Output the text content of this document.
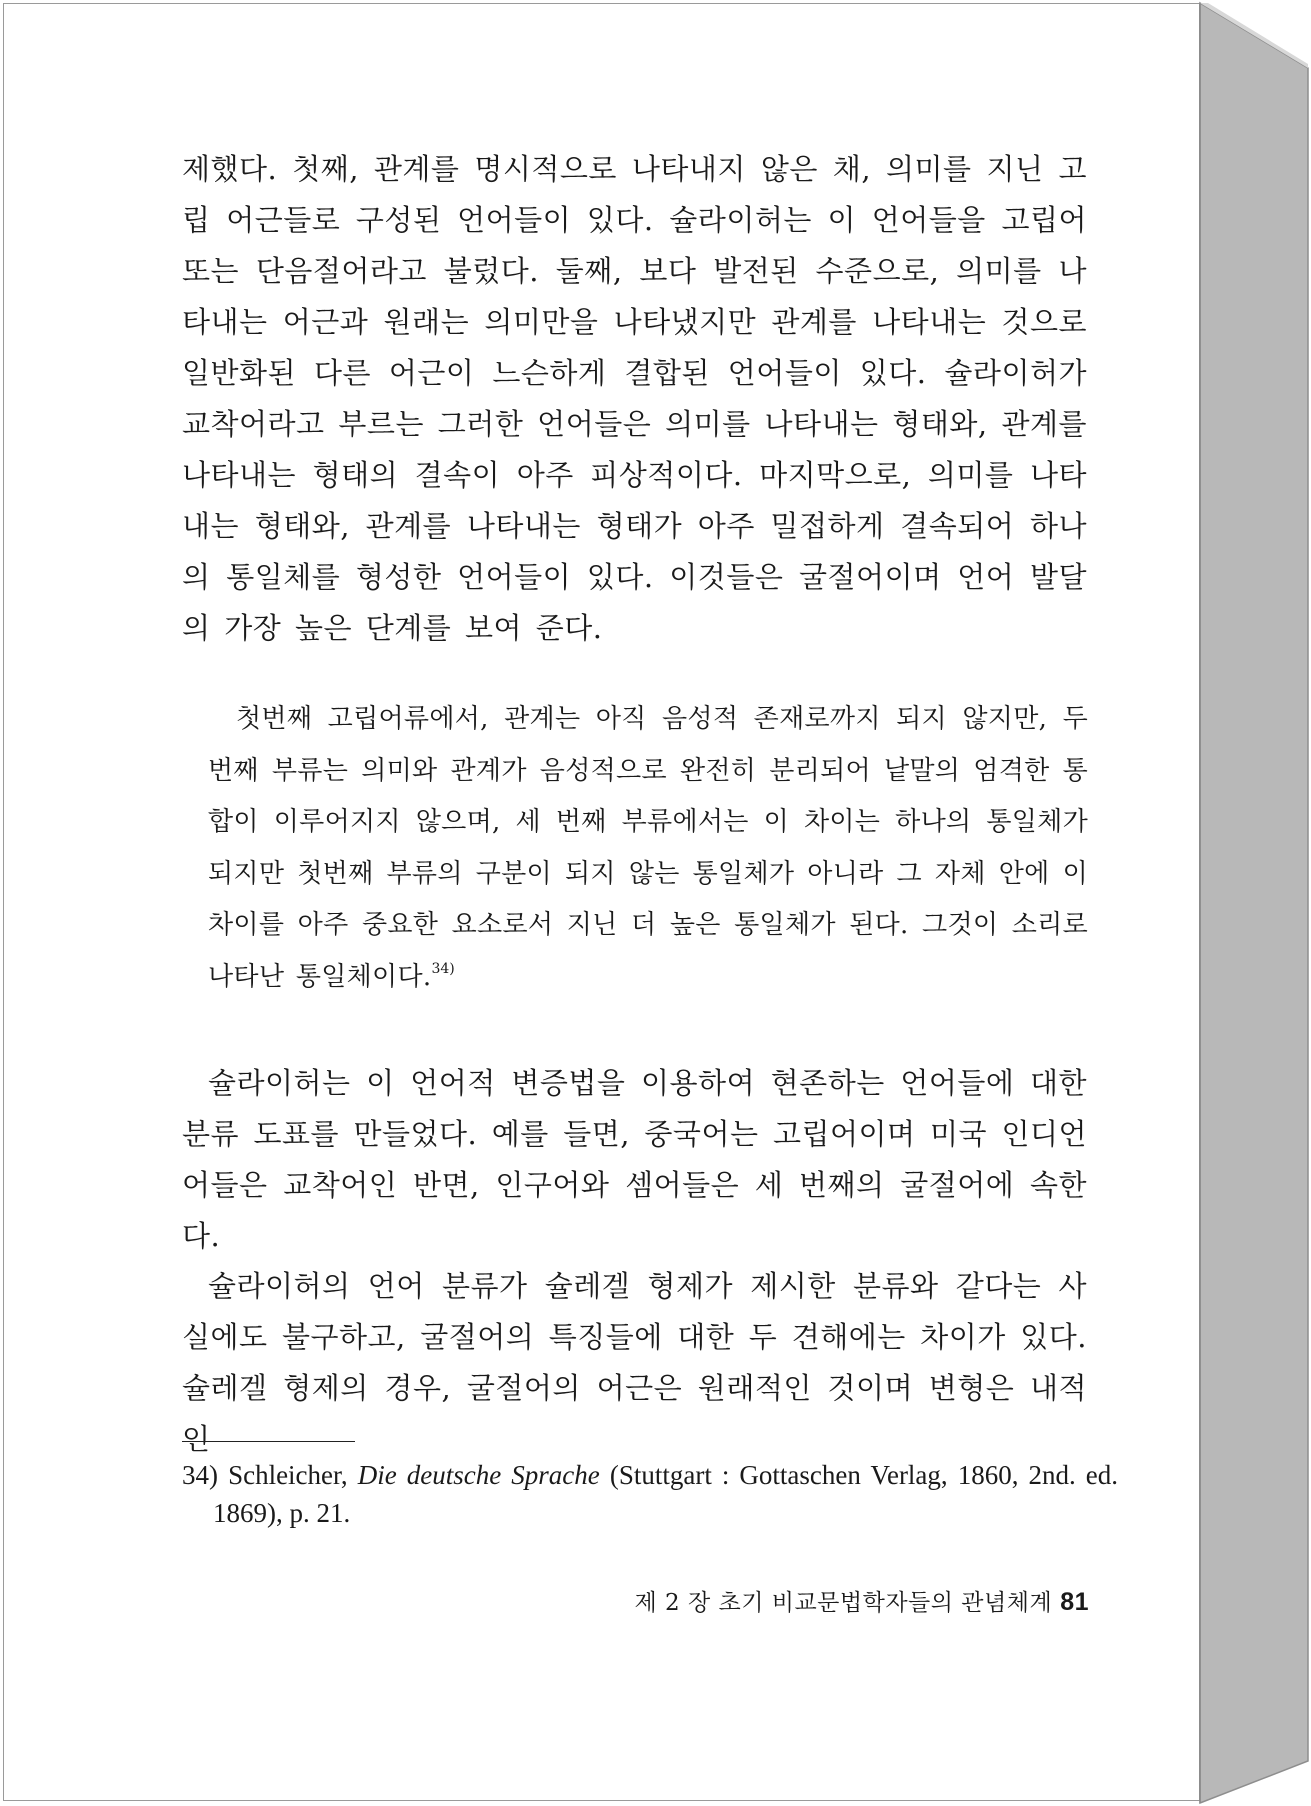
제했다. 첫째, 관계를 명시적으로 나타내지 않은 채, 의미를 지닌 고립 어근들로 구성된 언어들이 있다. 슐라이허는 이 언어들을 고립어 또는 단음절어라고 불렀다. 둘째, 보다 발전된 수준으로, 의미를 나타내는 어근과 원래는 의미만을 나타냈지만 관계를 나타내는 것으로 일반화된 다른 어근이 느슨하게 결합된 언어들이 있다. 슐라이허가 교착어라고 부르는 그러한 언어들은 의미를 나타내는 형태와, 관계를 나타내는 형태의 결속이 아주 피상적이다. 마지막으로, 의미를 나타내는 형태와, 관계를 나타내는 형태가 아주 밀접하게 결속되어 하나의 통일체를 형성한 언어들이 있다. 이것들은 굴절어이며 언어 발달의 가장 높은 단계를 보여 준다.

첫번째 고립어류에서, 관계는 아직 음성적 존재로까지 되지 않지만, 두 번째 부류는 의미와 관계가 음성적으로 완전히 분리되어 낱말의 엄격한 통합이 이루어지지 않으며, 세 번째 부류에서는 이 차이는 하나의 통일체가 되지만 첫번째 부류의 구분이 되지 않는 통일체가 아니라 그 자체 안에 이 차이를 아주 중요한 요소로서 지닌 더 높은 통일체가 된다. 그것이 소리로 나타난 통일체이다.$^{34)}$

슐라이허는 이 언어적 변증법을 이용하여 현존하는 언어들에 대한 분류 도표를 만들었다. 예를 들면, 중국어는 고립어이며 미국 인디언어들은 교착어인 반면, 인구어와 셈어들은 세 번째의 굴절어에 속한다.

슐라이허의 언어 분류가 슐레겔 형제가 제시한 분류와 같다는 사실에도 불구하고, 굴절어의 특징들에 대한 두 견해에는 차이가 있다. 슐레겔 형제의 경우, 굴절어의 어근은 원래적인 것이며 변형은 내적인

34) Schleicher, Die deutsche Sprache (Stuttgart : Gottaschen Verlag, 1860, 2nd. ed. 1869), p. 21.

제 2 장 초기 비교문법학자들의 관념체계 81
